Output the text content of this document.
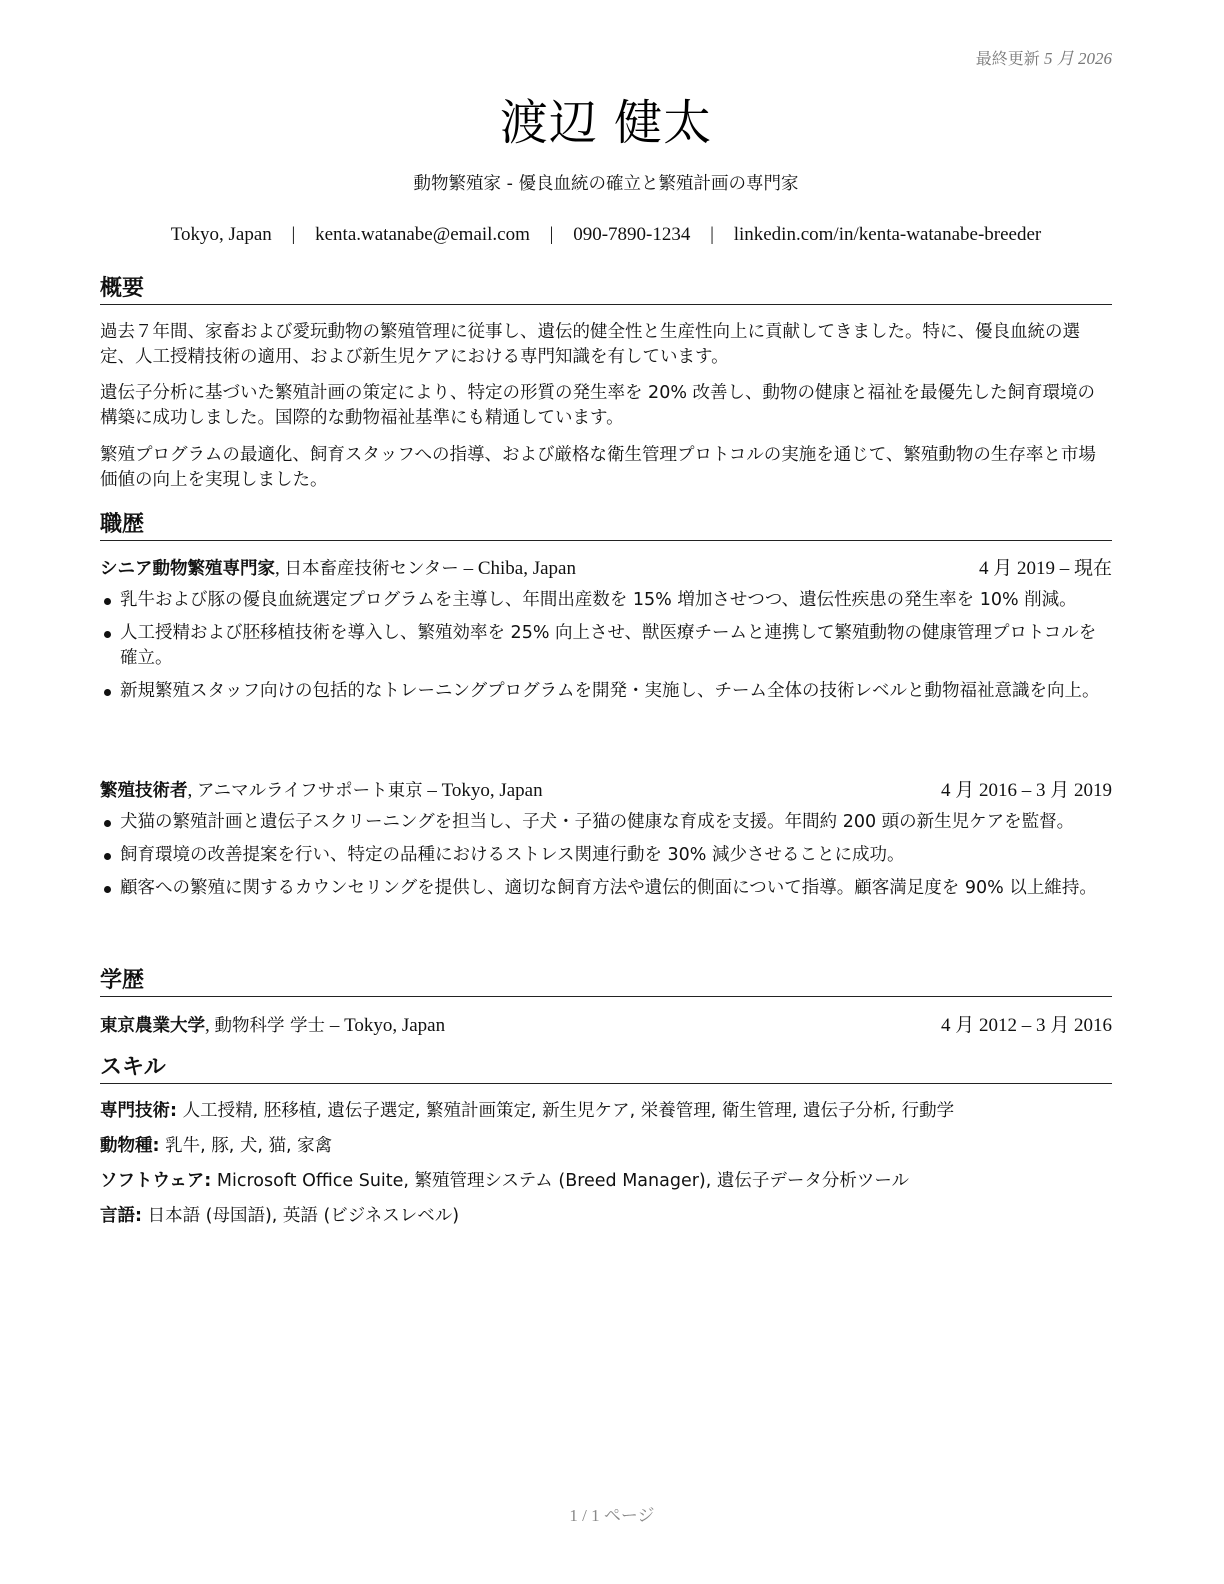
最終更新 5 月 2026
渡辺 健太
動物繁殖家 - 優良血統の確立と繁殖計画の専門家
Tokyo, Japan | kenta.watanabe@email.com | 090-7890-1234 | linkedin.com/in/kenta-watanabe-breeder
概要
過去７年間、家畜および愛玩動物の繁殖管理に従事し、遺伝的健全性と生産性向上に貢献してきました。特に、優良血統の選定、人工授精技術の適用、および新生児ケアにおける専門知識を有しています。
遺伝子分析に基づいた繁殖計画の策定により、特定の形質の発生率を 20% 改善し、動物の健康と福祉を最優先した飼育環境の構築に成功しました。国際的な動物福祉基準にも精通しています。
繁殖プログラムの最適化、飼育スタッフへの指導、および厳格な衛生管理プロトコルの実施を通じて、繁殖動物の生存率と市場価値の向上を実現しました。
職歴
シニア動物繁殖専門家, 日本畜産技術センター – Chiba, Japan	4 月 2019 – 現在
乳牛および豚の優良血統選定プログラムを主導し、年間出産数を 15% 増加させつつ、遺伝性疾患の発生率を 10% 削減。
人工授精および胚移植技術を導入し、繁殖効率を 25% 向上させ、獣医療チームと連携して繁殖動物の健康管理プロトコルを確立。
新規繁殖スタッフ向けの包括的なトレーニングプログラムを開発・実施し、チーム全体の技術レベルと動物福祉意識を向上。
繁殖技術者, アニマルライフサポート東京 – Tokyo, Japan	4 月 2016 – 3 月 2019
犬猫の繁殖計画と遺伝子スクリーニングを担当し、子犬・子猫の健康な育成を支援。年間約 200 頭の新生児ケアを監督。
飼育環境の改善提案を行い、特定の品種におけるストレス関連行動を 30% 減少させることに成功。
顧客への繁殖に関するカウンセリングを提供し、適切な飼育方法や遺伝的側面について指導。顧客満足度を 90% 以上維持。
学歴
東京農業大学, 動物科学 学士 – Tokyo, Japan	4 月 2012 – 3 月 2016
スキル
専門技術: 人工授精, 胚移植, 遺伝子選定, 繁殖計画策定, 新生児ケア, 栄養管理, 衛生管理, 遺伝子分析, 行動学
動物種: 乳牛, 豚, 犬, 猫, 家禽
ソフトウェア: Microsoft Office Suite, 繁殖管理システム (Breed Manager), 遺伝子データ分析ツール
言語: 日本語 (母国語), 英語 (ビジネスレベル)
1 / 1 ページ
